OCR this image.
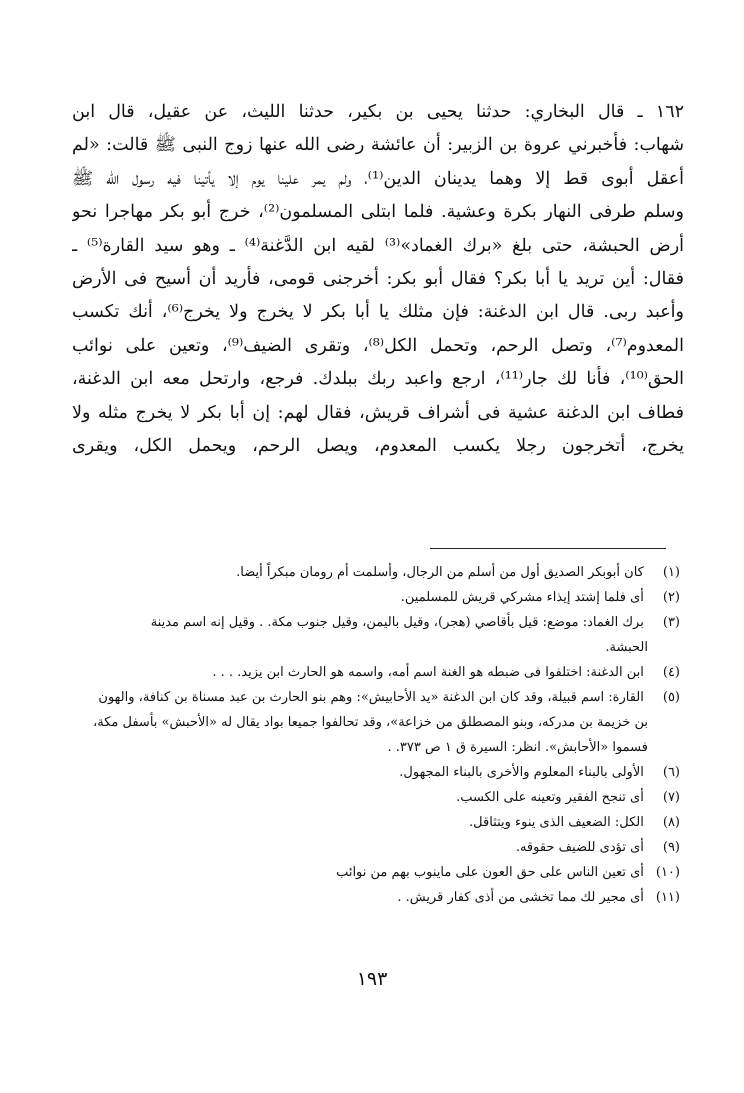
١٦٢ ـ قال البخاري: حدثنا يحيى بن بكير، حدثنا الليث، عن عقيل، قال ابن
شهاب: فأخبرني عروة بن الزبير: أن عائشة رضى الله عنها زوج النبى ﷺ قالت: «لم
أعقل أبوى قط إلا وهما يدينان الدين⁽¹⁾، ولم يمر علينا يوم إلا يأتينا فيه رسول الله ﷺ
وسلم طرفى النهار بكرة وعشية. فلما ابتلى المسلمون⁽²⁾، خرج أبو بكر مهاجرا نحو
أرض الحبشة، حتى بلغ «برك الغماد»⁽³⁾ لقيه ابن الدَّغنة⁽⁴⁾ ـ وهو سيد القارة⁽⁵⁾ ـ
فقال: أين تريد يا أبا بكر؟ فقال أبو بكر: أخرجنى قومى، فأريد أن أسيح فى الأرض
وأعبد ربى. قال ابن الدغنة: فإن مثلك يا أبا بكر لا يخرج ولا يخرج⁽⁶⁾، أنك تكسب
المعدوم⁽⁷⁾، وتصل الرحم، وتحمل الكل⁽⁸⁾، وتقرى الضيف⁽⁹⁾، وتعين على نوائب
الحق⁽¹⁰⁾، فأنا لك جار⁽¹¹⁾، ارجع واعبد ربك ببلدك. فرجع، وارتحل معه ابن الدغنة،
فطاف ابن الدغنة عشية فى أشراف قريش، فقال لهم: إن أبا بكر لا يخرج مثله ولا
يخرج، أتخرجون رجلا يكسب المعدوم، ويصل الرحم، ويحمل الكل، ويقرى
(١) كان أبوبكر الصديق أول من أسلم من الرجال، وأسلمت أم رومان مبكراً أيضا.
(٢) أى فلما إشتد إيذاء مشركي قريش للمسلمين.
(٣) برك الغماد: موضع: قيل بأقاصي (هجر)، وقيل باليمن، وقيل جنوب مكة. . وقيل إنه اسم مدينة
الحبشة.
(٤) ابن الدغنة: اختلفوا فى ضبطه هو الغنة اسم أمه، واسمه هو الحارث ابن يزيد. . . .
(٥) القارة: اسم قبيلة، وقد كان ابن الدغنة «يد الأحابيش»: وهم بنو الحارث بن عبد مسناة بن كنافة، والهون
بن خزيمة بن مدركه، وبنو المصطلق من خزاعة»، وقد تحالفوا جميعا بواد يقال له «الأحبش» بأسفل مكة،
فسموا «الأحابش». انظر: السيرة ق ١ ص ٣٧٣. .
(٦) الأولى بالبناء المعلوم والأخرى بالبناء المجهول.
(٧) أى تنجح الفقير وتعينه على الكسب.
(٨) الكل: الضعيف الذى ينوء ويتثاقل.
(٩) أى تؤدى للضيف حقوقه.
(١٠) أى تعين الناس على حق العون على ماينوب بهم من نوائب
(١١) أى مجير لك مما تخشى من أذى كفار قريش. .
١٩٣
